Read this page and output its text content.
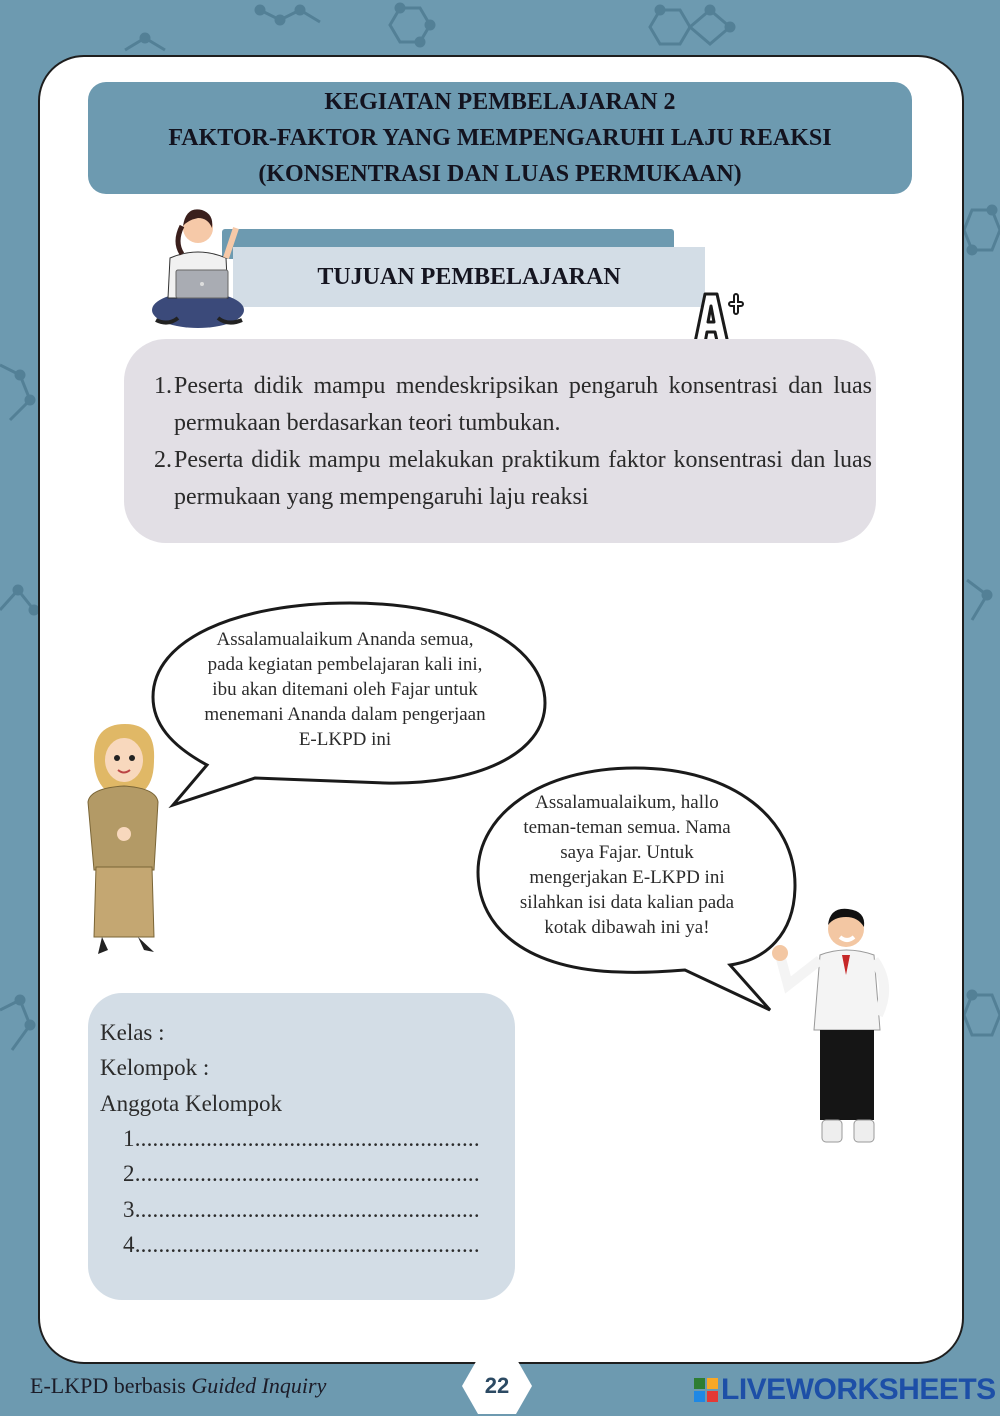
KEGIATAN PEMBELAJARAN 2
FAKTOR-FAKTOR YANG MEMPENGARUHI LAJU REAKSI
(KONSENTRASI DAN LUAS PERMUKAAN)
TUJUAN PEMBELAJARAN
1. Peserta didik mampu mendeskripsikan pengaruh konsentrasi dan luas permukaan berdasarkan teori tumbukan.
2. Peserta didik mampu melakukan praktikum faktor konsentrasi dan luas permukaan yang mempengaruhi laju reaksi
Assalamualaikum Ananda semua,
pada kegiatan pembelajaran kali ini,
ibu akan ditemani oleh Fajar untuk
menemani Ananda dalam pengerjaan
E-LKPD ini
Assalamualaikum, hallo
teman-teman semua. Nama
saya Fajar. Untuk
mengerjakan E-LKPD ini
silahkan isi data kalian pada
kotak dibawah ini ya!
Kelas :
Kelompok :
Anggota Kelompok
1..........................................................
2..........................................................
3..........................................................
4..........................................................
E-LKPD berbasis Guided Inquiry	22	LIVEWORKSHEETS
